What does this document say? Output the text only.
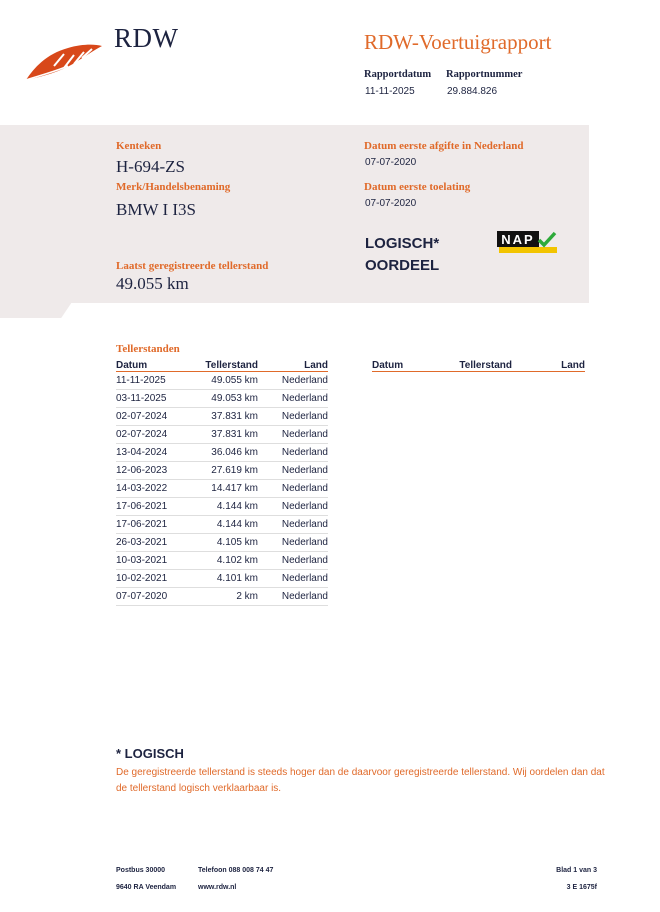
RDW	RDW-Voertuigrapport
Rapportdatum
11-11-2025
Rapportnummer
29.884.826
Kenteken
H-694-ZS
Merk/Handelsbenaming
BMW I I3S
Datum eerste afgifte in Nederland
07-07-2020
Datum eerste toelating
07-07-2020
LOGISCH*
OORDEEL
NAP
Laatst geregistreerde tellerstand
49.055 km
Tellerstanden
Datum	Tellerstand	Land
11-11-2025	49.055 km	Nederland
03-11-2025	49.053 km	Nederland
02-07-2024	37.831 km	Nederland
02-07-2024	37.831 km	Nederland
13-04-2024	36.046 km	Nederland
12-06-2023	27.619 km	Nederland
14-03-2022	14.417 km	Nederland
17-06-2021	4.144 km	Nederland
17-06-2021	4.144 km	Nederland
26-03-2021	4.105 km	Nederland
10-03-2021	4.102 km	Nederland
10-02-2021	4.101 km	Nederland
07-07-2020	2 km	Nederland
Datum	Tellerstand	Land
* LOGISCH
De geregistreerde tellerstand is steeds hoger dan de daarvoor geregistreerde tellerstand. Wij oordelen dan dat de tellerstand logisch verklaarbaar is.
Postbus 30000
9640 RA Veendam
Telefoon 088 008 74 47
www.rdw.nl
Blad 1 van 3
3 E 1675f
